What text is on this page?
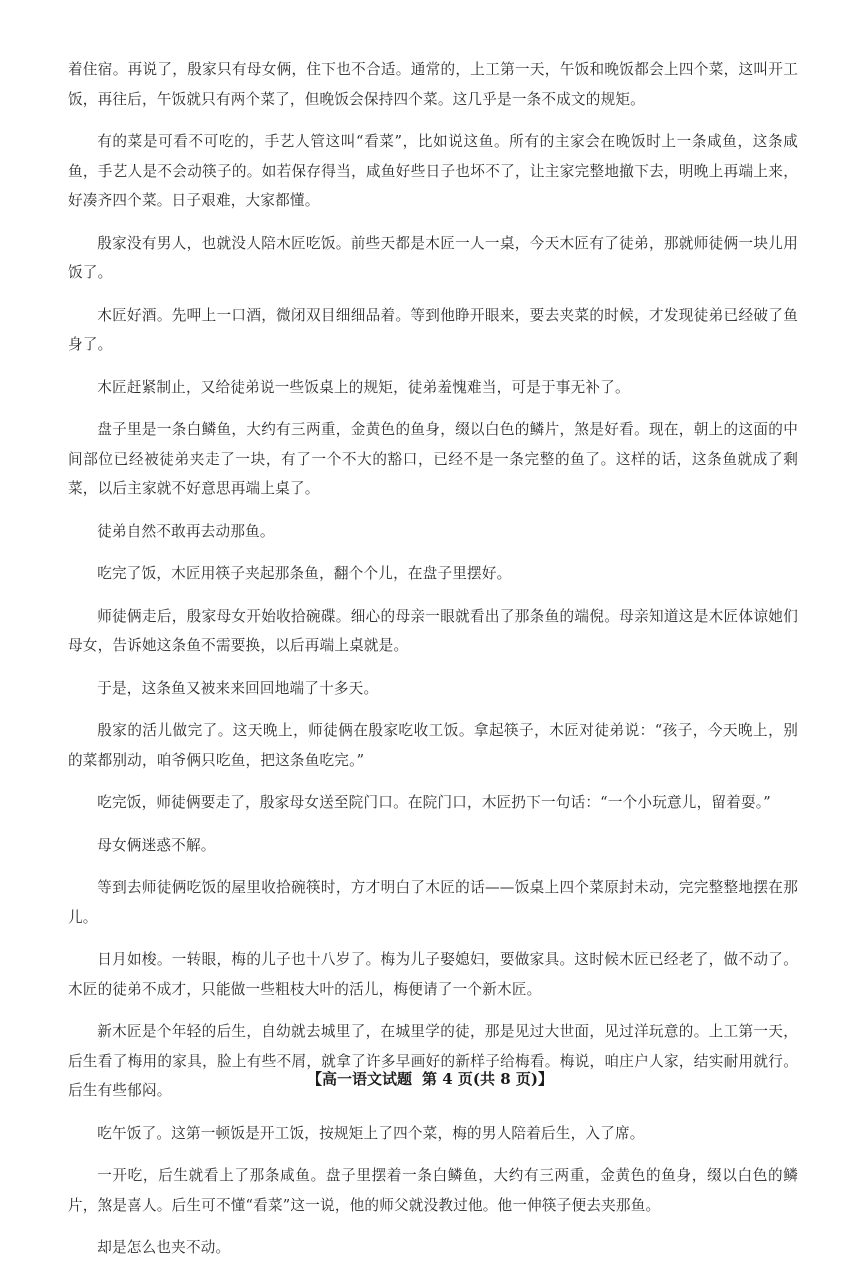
着住宿。再说了，殷家只有母女俩，住下也不合适。通常的，上工第一天，午饭和晚饭都会上四个菜，这叫开工饭，再往后，午饭就只有两个菜了，但晚饭会保持四个菜。这几乎是一条不成文的规矩。

有的菜是可看不可吃的，手艺人管这叫“看菜”，比如说这鱼。所有的主家会在晚饭时上一条咸鱼，这条咸鱼，手艺人是不会动筷子的。如若保存得当，咸鱼好些日子也坏不了，让主家完整地撤下去，明晚上再端上来，好凑齐四个菜。日子艰难，大家都懂。

殷家没有男人，也就没人陪木匠吃饭。前些天都是木匠一人一桌，今天木匠有了徒弟，那就师徒俩一块儿用饭了。

木匠好酒。先呷上一口酒，微闭双目细细品着。等到他睁开眼来，要去夹菜的时候，才发现徒弟已经破了鱼身了。

木匠赶紧制止，又给徒弟说一些饭桌上的规矩，徒弟羞愧难当，可是于事无补了。

盘子里是一条白鳞鱼，大约有三两重，金黄色的鱼身，缀以白色的鳞片，煞是好看。现在，朝上的这面的中间部位已经被徒弟夹走了一块，有了一个不大的豁口，已经不是一条完整的鱼了。这样的话，这条鱼就成了剩菜，以后主家就不好意思再端上桌了。

徒弟自然不敢再去动那鱼。

吃完了饭，木匠用筷子夹起那条鱼，翻个个儿，在盘子里摆好。

师徒俩走后，殷家母女开始收拾碗碟。细心的母亲一眼就看出了那条鱼的端倪。母亲知道这是木匠体谅她们母女，告诉她这条鱼不需要换，以后再端上桌就是。

于是，这条鱼又被来来回回地端了十多天。

殷家的活儿做完了。这天晚上，师徒俩在殷家吃收工饭。拿起筷子，木匠对徒弟说：“孩子，今天晚上，别的菜都别动，咱爷俩只吃鱼，把这条鱼吃完。”

吃完饭，师徒俩要走了，殷家母女送至院门口。在院门口，木匠扔下一句话：“一个小玩意儿，留着耍。”

母女俩迷惑不解。

等到去师徒俩吃饭的屋里收拾碗筷时，方才明白了木匠的话——饭桌上四个菜原封未动，完完整整地摆在那儿。

日月如梭。一转眼，梅的儿子也十八岁了。梅为儿子娶媳妇，要做家具。这时候木匠已经老了，做不动了。木匠的徒弟不成才，只能做一些粗枝大叶的活儿，梅便请了一个新木匠。

新木匠是个年轻的后生，自幼就去城里了，在城里学的徒，那是见过大世面，见过洋玩意的。上工第一天，后生看了梅用的家具，脸上有些不屑，就拿了许多早画好的新样子给梅看。梅说，咱庄户人家，结实耐用就行。后生有些郁闷。

吃午饭了。这第一顿饭是开工饭，按规矩上了四个菜，梅的男人陪着后生，入了席。

一开吃，后生就看上了那条咸鱼。盘子里摆着一条白鳞鱼，大约有三两重，金黄色的鱼身，缀以白色的鳞片，煞是喜人。后生可不懂“看菜”这一说，他的师父就没教过他。他一伸筷子便去夹那鱼。

却是怎么也夹不动。

【高一语文试题 第 4 页(共 8 页)】
